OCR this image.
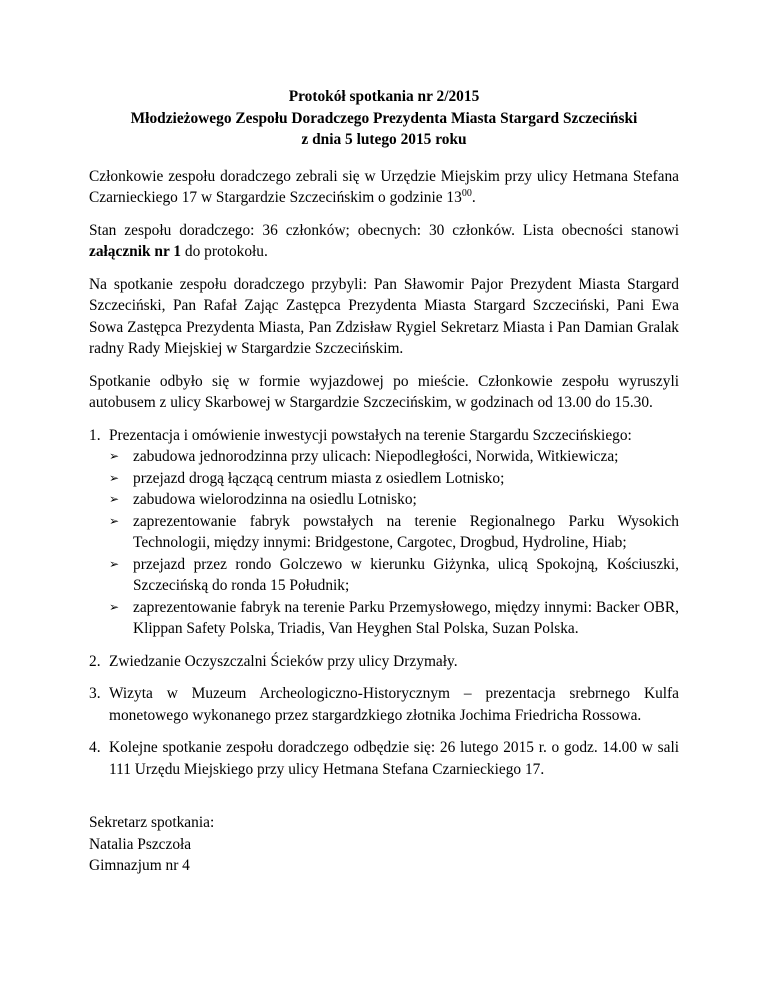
Protokół spotkania nr 2/2015
Młodzieżowego Zespołu Doradczego Prezydenta Miasta Stargard Szczeciński
z dnia 5 lutego 2015 roku

Członkowie zespołu doradczego zebrali się w Urzędzie Miejskim przy ulicy Hetmana Stefana Czarnieckiego 17 w Stargardzie Szczecińskim o godzinie $13^{00}$.

Stan zespołu doradczego: 36 członków; obecnych: 30 członków. Lista obecności stanowi załącznik nr 1 do protokołu.

Na spotkanie zespołu doradczego przybyli: Pan Sławomir Pajor Prezydent Miasta Stargard Szczeciński, Pan Rafał Zając Zastępca Prezydenta Miasta Stargard Szczeciński, Pani Ewa Sowa Zastępca Prezydenta Miasta, Pan Zdzisław Rygiel Sekretarz Miasta i Pan Damian Gralak radny Rady Miejskiej w Stargardzie Szczecińskim.

Spotkanie odbyło się w formie wyjazdowej po mieście. Członkowie zespołu wyruszyli autobusem z ulicy Skarbowej w Stargardzie Szczecińskim, w godzinach od 13.00 do 15.30.

1. Prezentacja i omówienie inwestycji powstałych na terenie Stargardu Szczecińskiego:
➢ zabudowa jednorodzinna przy ulicach: Niepodległości, Norwida, Witkiewicza;
➢ przejazd drogą łączącą centrum miasta z osiedlem Lotnisko;
➢ zabudowa wielorodzinna na osiedlu Lotnisko;
➢ zaprezentowanie fabryk powstałych na terenie Regionalnego Parku Wysokich Technologii, między innymi: Bridgestone, Cargotec, Drogbud, Hydroline, Hiab;
➢ przejazd przez rondo Golczewo w kierunku Giżynka, ulicą Spokojną, Kościuszki, Szczecińską do ronda 15 Południk;
➢ zaprezentowanie fabryk na terenie Parku Przemysłowego, między innymi: Backer OBR, Klippan Safety Polska, Triadis, Van Heyghen Stal Polska, Suzan Polska.
2. Zwiedzanie Oczyszczalni Ścieków przy ulicy Drzymały.
3. Wizyta w Muzeum Archeologiczno-Historycznym – prezentacja srebrnego Kulfa monetowego wykonanego przez stargardzkiego złotnika Jochima Friedricha Rossowa.
4. Kolejne spotkanie zespołu doradczego odbędzie się: 26 lutego 2015 r. o godz. 14.00 w sali 111 Urzędu Miejskiego przy ulicy Hetmana Stefana Czarnieckiego 17.
Sekretarz spotkania:
Natalia Pszczoła
Gimnazjum nr 4
